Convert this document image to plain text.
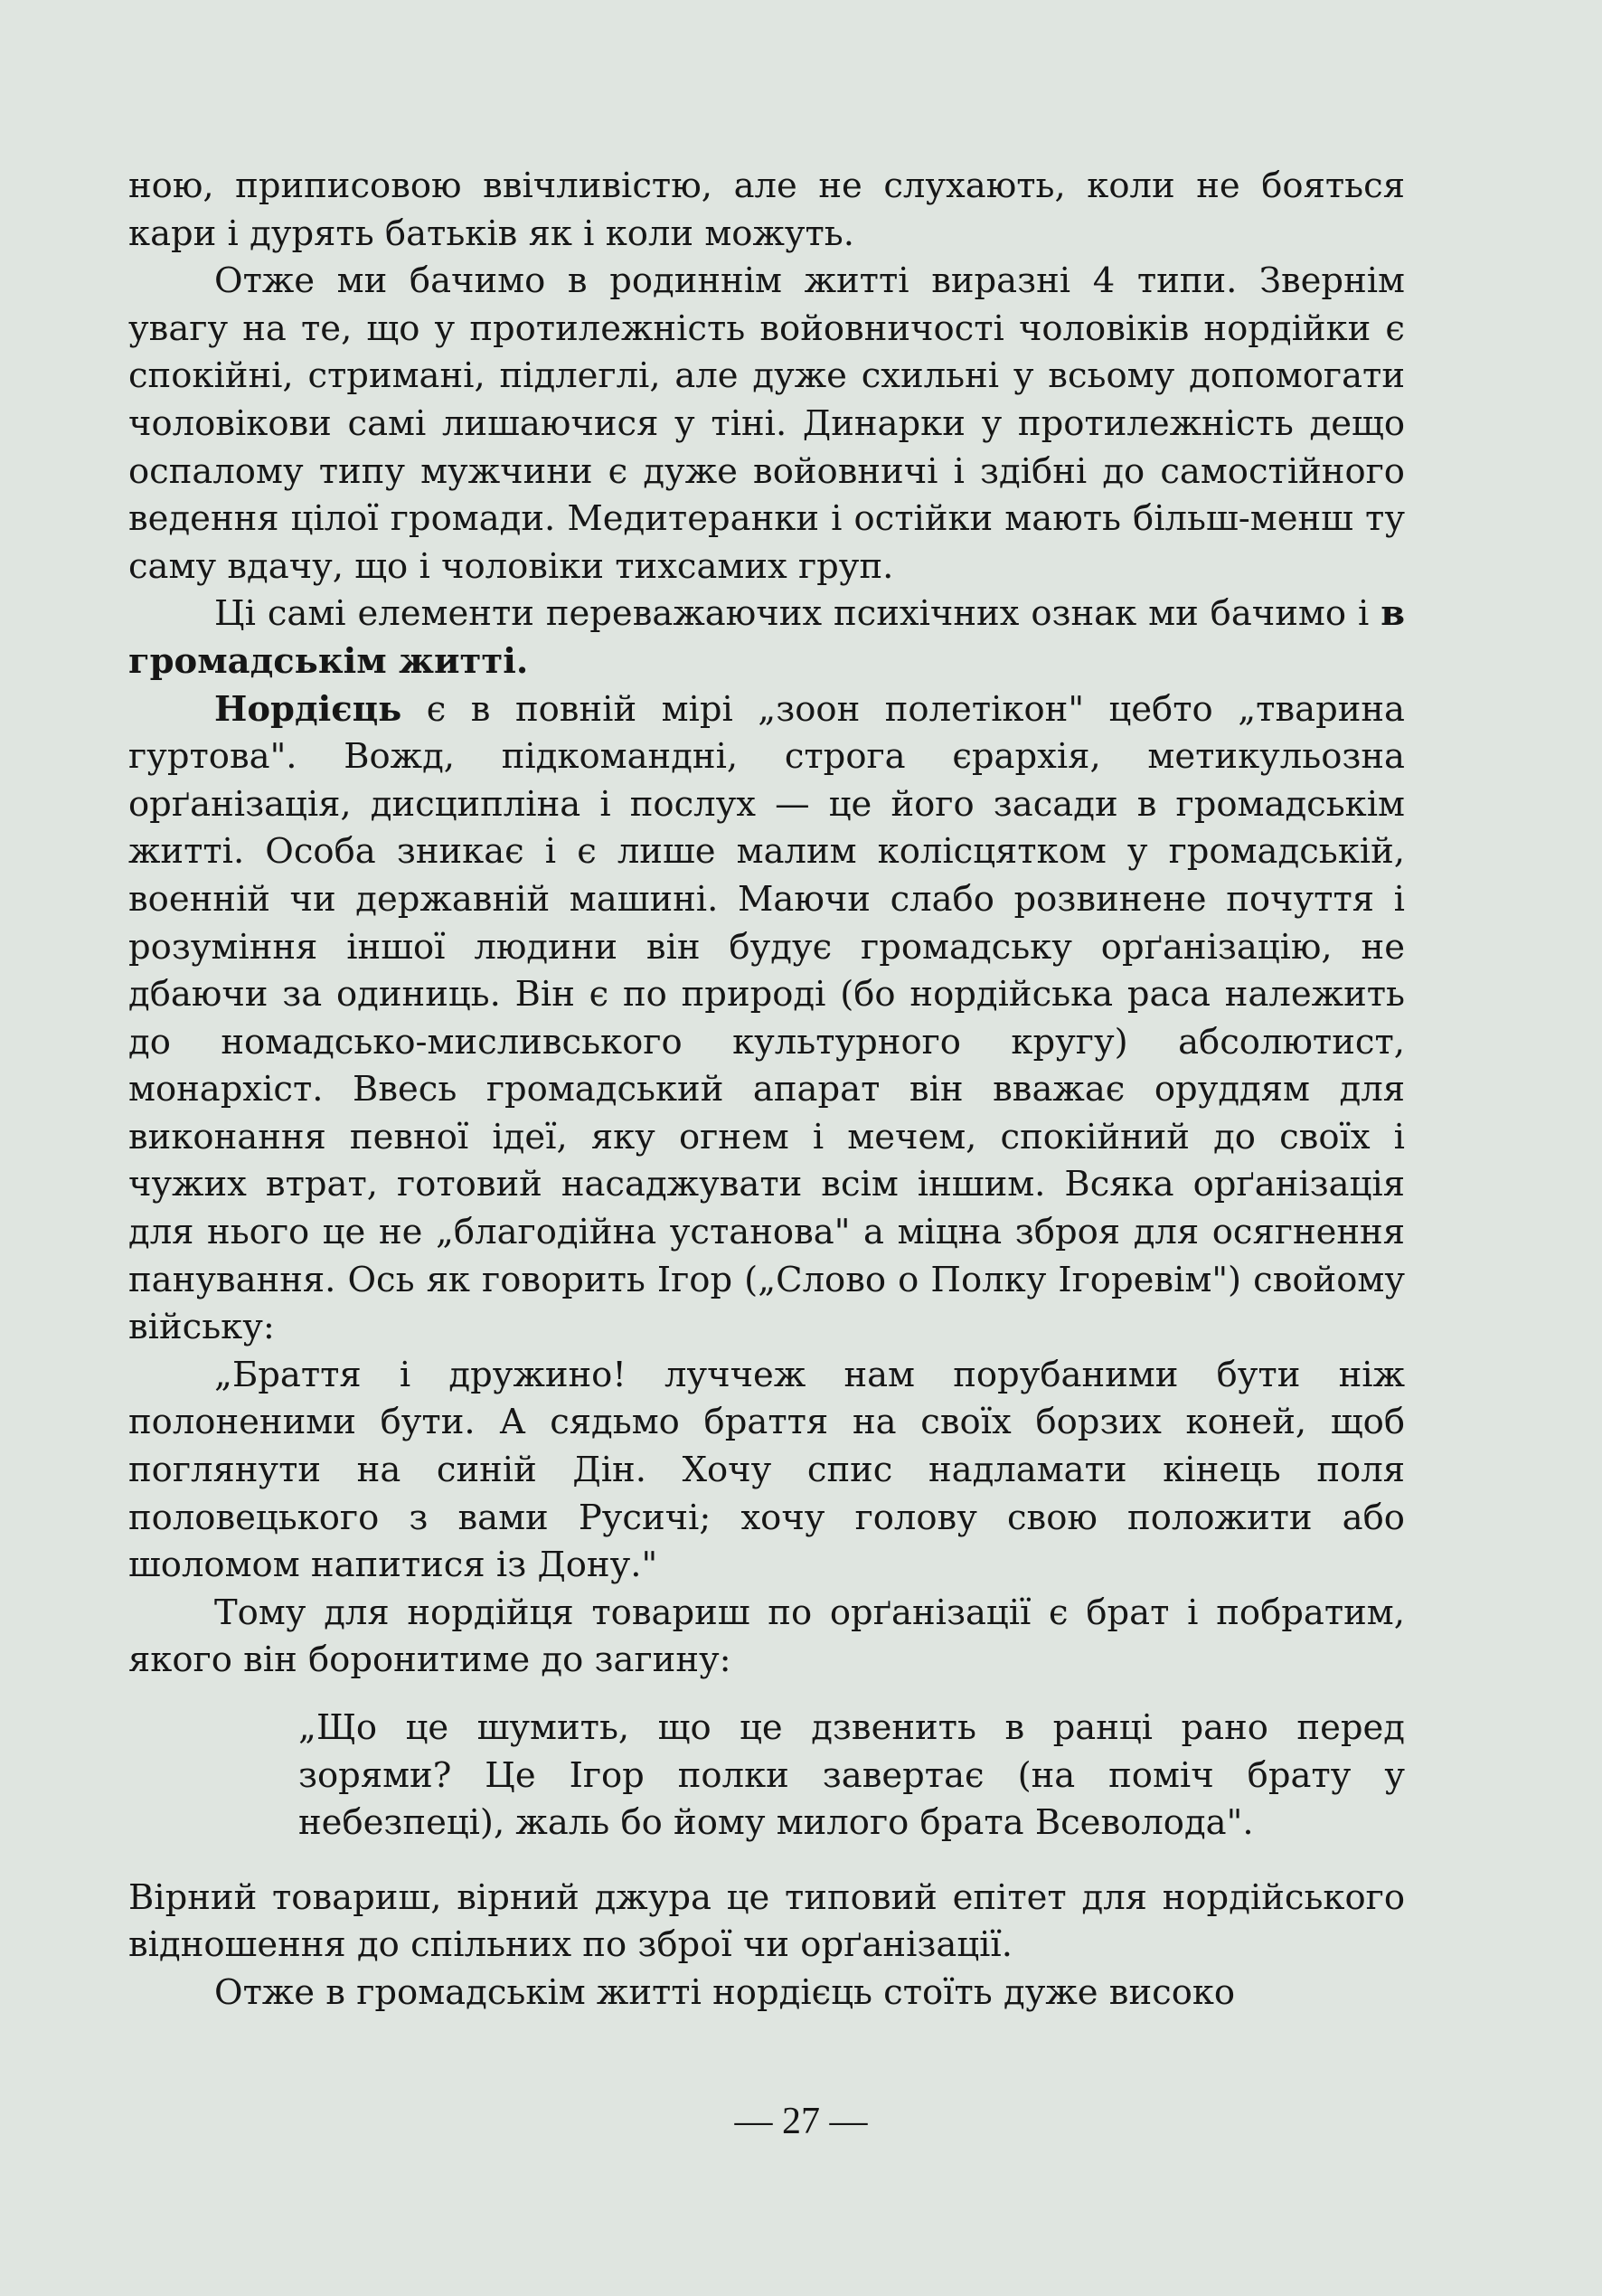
ною, приписовою ввічливістю, але не слухають, коли не бояться кари і дурять батьків як і коли можуть.

Отже ми бачимо в родиннім житті виразні 4 типи. Звернім увагу на те, що у протилежність войовничості чоловіків нордійки є спокійні, стримані, підлеглі, але дуже схильні у всьому допомогати чоловікови самі лишаючися у тіні. Динарки у протилежність дещо оспалому типу мужчини є дуже войовничі і здібні до самостійного ведення цілої громади. Медитеранки і остійки мають більш-менш ту саму вдачу, що і чоловіки тихсамих груп.

Ці самі елементи переважаючих психічних ознак ми бачимо і в громадськім житті.

Нордієць є в повній мірі „зоон полетікон" цебто „тварина гуртова". Вожд, підкомандні, строга єрархія, метикульозна орґанізація, дисципліна і послух — це його засади в громадськім житті. Особа зникає і є лише малим колісцятком у громадській, военній чи державній машині. Маючи слабо розвинене почуття і розуміння іншої людини він будує громадську орґанізацію, не дбаючи за одиниць. Він є по природі (бо нордійська раса належить до номадсько-мисливського культурного кругу) абсолютист, монархіст. Ввесь громадський апарат він вважає оруддям для виконання певної ідеї, яку огнем і мечем, спокійний до своїх і чужих втрат, готовий насаджувати всім іншим. Всяка орґанізація для нього це не „благодійна установа" а міцна зброя для осягнення панування. Ось як говорить Ігор („Слово о Полку Ігоревім") свойому війську:

„Браття і дружино! луччеж нам порубаними бути ніж полоненими бути. А сядьмо браття на своїх борзих коней, щоб поглянути на синій Дін. Хочу спис надламати кінець поля половецького з вами Русичі; хочу голову свою положити або шоломом напитися із Дону."

Тому для нордійця товариш по орґанізації є брат і побратим, якого він боронитиме до загину:

„Що це шумить, що це дзвенить в ранці рано перед зорями? Це Ігор полки завертає (на поміч брату у небезпеці), жаль бо йому милого брата Всеволода".

Вірний товариш, вірний джура це типовий епітет для нордійського відношення до спільних по зброї чи орґанізації.

Отже в громадськім житті нордієць стоїть дуже високо

— 27 —
